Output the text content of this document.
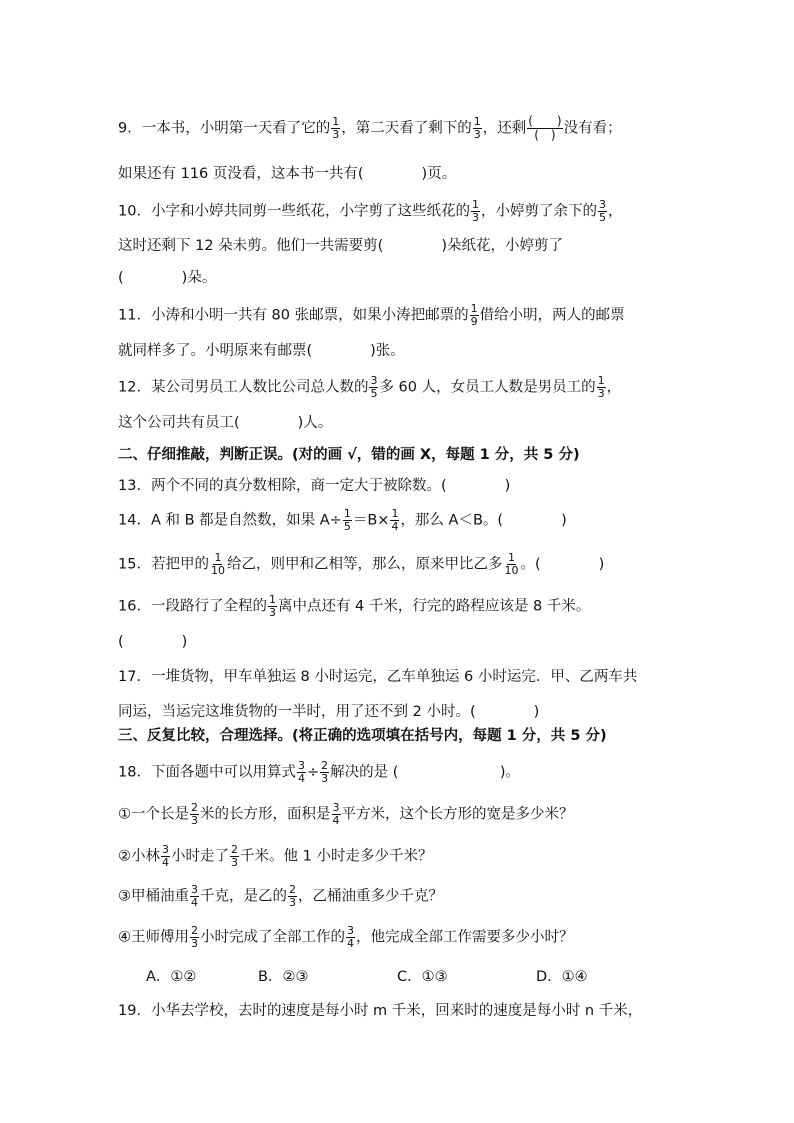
9．一本书，小明第一天看了它的 $\frac{1}{3}$ ，第二天看了剩下的 $\frac{1}{3}$ ，还剩 $\frac{( )}{( )}$ 没有看；
如果还有 116 页没看，这本书一共有(　　　　)页。
10．小字和小婷共同剪一些纸花，小字剪了这些纸花的 $\frac{1}{3}$ ，小婷剪了余下的 $\frac{3}{5}$ ，
这时还剩下 12 朵未剪。他们一共需要剪(　　　　)朵纸花，小婷剪了
(　　　　)朵。
11．小涛和小明一共有 80 张邮票，如果小涛把邮票的 $\frac{1}{9}$ 借给小明，两人的邮票
就同样多了。小明原来有邮票(　　　　)张。
12．某公司男员工人数比公司总人数的 $\frac{3}{5}$ 多 60 人，女员工人数是男员工的 $\frac{1}{3}$ ，
这个公司共有员工(　　　　)人。
二、仔细推敲，判断正误。(对的画 √，错的画 X，每题 1 分，共 5 分)
13．两个不同的真分数相除，商一定大于被除数。(　　　　)
14．A 和 B 都是自然数，如果 $A\div \frac{1}{5} =B\times \frac{1}{4}$ ，那么 A＜B。(　　　　)
15．若把甲的 $\frac{1}{10}$ 给乙，则甲和乙相等，那么，原来甲比乙多 $\frac{1}{10}$ 。(　　　　)
16．一段路行了全程的 $\frac{1}{3}$ 离中点还有 4 千米，行完的路程应该是 8 千米。
(　　　　)
17．一堆货物，甲车单独运 8 小时运完，乙车单独运 6 小时运完．甲、乙两车共
同运，当运完这堆货物的一半时，用了还不到 2 小时。(　　　　)
三、反复比较，合理选择。(将正确的选项填在括号内，每题 1 分，共 5 分)
18．下面各题中可以用算式 $\frac{3}{4} \div \frac{2}{3}$ 解决的是 (　　　　　　　)。
①一个长是 $\frac{2}{3}$ 米的长方形，面积是 $\frac{3}{4}$ 平方米，这个长方形的宽是多少米？
②小林 $\frac{3}{4}$ 小时走了 $\frac{2}{3}$ 千米。他 1 小时走多少千米？
③甲桶油重 $\frac{3}{4}$ 千克，是乙的 $\frac{2}{3}$ ，乙桶油重多少千克？
④王师傅用 $\frac{2}{3}$ 小时完成了全部工作的 $\frac{3}{4}$ ，他完成全部工作需要多少小时？
A．①②	B．②③	C．①③	D．①④
19．小华去学校，去时的速度是每小时 m 千米，回来时的速度是每小时 n 千米，
